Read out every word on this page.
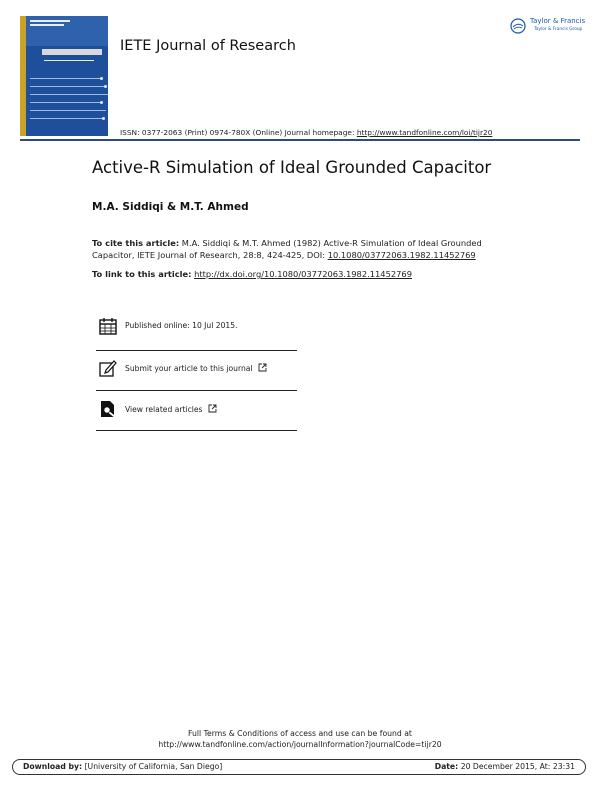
IETE Journal of Research
ISSN: 0377-2063 (Print) 0974-780X (Online) Journal homepage: http://www.tandfonline.com/loi/tijr20
Taylor & Francis
Taylor & Francis Group
Active-R Simulation of Ideal Grounded Capacitor
M.A. Siddiqi & M.T. Ahmed
To cite this article: M.A. Siddiqi & M.T. Ahmed (1982) Active-R Simulation of Ideal Grounded
Capacitor, IETE Journal of Research, 28:8, 424-425, DOI: 10.1080/03772063.1982.11452769
To link to this article: http://dx.doi.org/10.1080/03772063.1982.11452769
Published online: 10 Jul 2015.
Submit your article to this journal
View related articles
Full Terms & Conditions of access and use can be found at
http://www.tandfonline.com/action/journalInformation?journalCode=tijr20
Download by: [University of California, San Diego]	Date: 20 December 2015, At: 23:31
